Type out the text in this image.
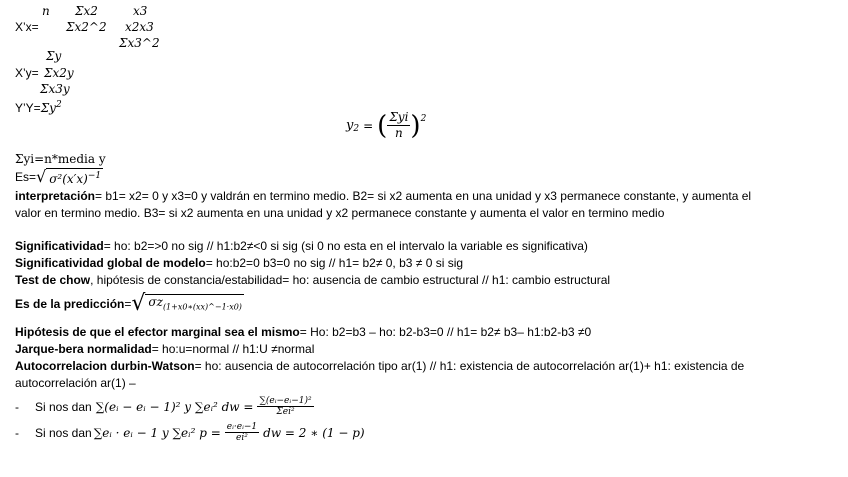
X’x=
n Σx2	x3
Σx2^2 x2x3
Σx3^2
Σy
X’y= Σx2y
Σx3y
$Y’Y=\Sigma y^2$
$y_2$ = ( Σyi
n )$^2$
Σyi=n*media y
Es= √ $\sigma^2(x'x)^{-1}$
interpretación= b1= x2= 0 y x3=0 y valdrán en termino medio. B2= si x2 aumenta en una unidad y x3 permanece constante, y aumenta el valor en termino medio. B3= si x2 aumenta en una unidad y x2 permanece constante y aumenta el valor en termino medio
Significatividad= ho: b2=>0 no sig // h1:b2≠<0 si sig (si 0 no esta en el intervalo la variable es significativa)
Significatividad global de modelo= ho:b2=0 b3=0 no sig // h1= b2≠ 0, b3 ≠ 0 si sig
Test de chow, hipótesis de constancia/estabilidad= ho: ausencia de cambio estructural // h1: cambio estructural
Es de la predicción = √ $\sigma z_{(1+x0∗(xx)\^{}-1\cdot x0)}$
Hipótesis de que el efector marginal sea el mismo= Ho: b2=b3 – ho: b2-b3=0 // h1= b2≠ b3– h1:b2-b3 ≠0
Jarque-bera normalidad= ho:u=normal // h1:U ≠normal
Autocorrelacion durbin-Watson= ho: ausencia de autocorrelación tipo ar(1) // h1: existencia de autocorrelación ar(1)+ h1: existencia de autocorrelación ar(1) –
-	Si nos dan ∑(eᵢ − eᵢ − 1)² y ∑eᵢ² dw = $\frac{\text{∑(eᵢ−eᵢ−1)²}}{\text{Σei²}}$
-	Si nos dan ∑eᵢ · eᵢ − 1 y ∑eᵢ² $p = \frac{\text{eᵢ·eᵢ−1}}{\text{ei²}}$ dw = 2 ∗ (1 − p)
